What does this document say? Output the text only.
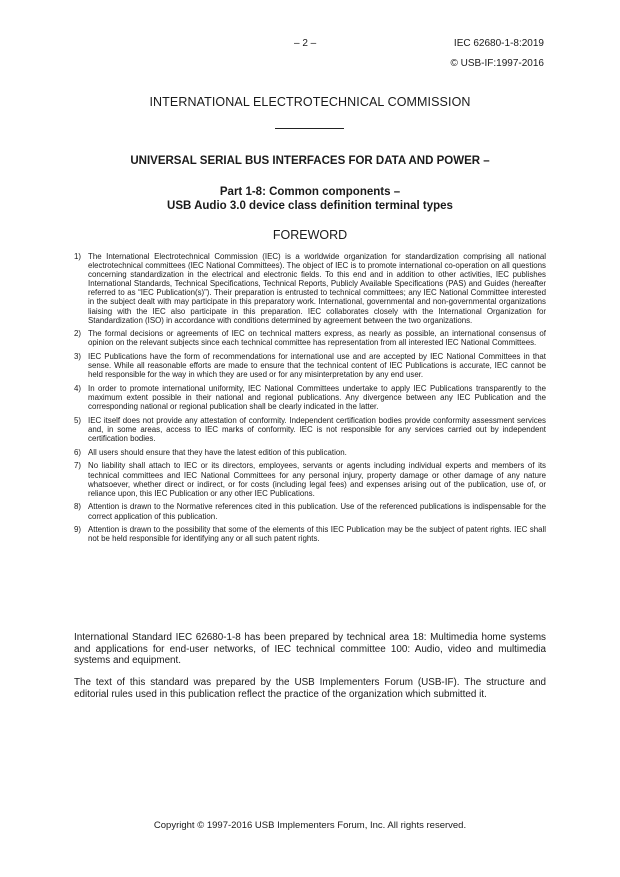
– 2 –	IEC 62680-1-8:2019
© USB-IF:1997-2016
INTERNATIONAL ELECTROTECHNICAL COMMISSION
UNIVERSAL SERIAL BUS INTERFACES FOR DATA AND POWER –
Part 1-8: Common components –
USB Audio 3.0 device class definition terminal types
FOREWORD
1) The International Electrotechnical Commission (IEC) is a worldwide organization for standardization comprising all national electrotechnical committees (IEC National Committees). The object of IEC is to promote international co-operation on all questions concerning standardization in the electrical and electronic fields. To this end and in addition to other activities, IEC publishes International Standards, Technical Specifications, Technical Reports, Publicly Available Specifications (PAS) and Guides (hereafter referred to as “IEC Publication(s)”). Their preparation is entrusted to technical committees; any IEC National Committee interested in the subject dealt with may participate in this preparatory work. International, governmental and non-governmental organizations liaising with the IEC also participate in this preparation. IEC collaborates closely with the International Organization for Standardization (ISO) in accordance with conditions determined by agreement between the two organizations.
2) The formal decisions or agreements of IEC on technical matters express, as nearly as possible, an international consensus of opinion on the relevant subjects since each technical committee has representation from all interested IEC National Committees.
3) IEC Publications have the form of recommendations for international use and are accepted by IEC National Committees in that sense. While all reasonable efforts are made to ensure that the technical content of IEC Publications is accurate, IEC cannot be held responsible for the way in which they are used or for any misinterpretation by any end user.
4) In order to promote international uniformity, IEC National Committees undertake to apply IEC Publications transparently to the maximum extent possible in their national and regional publications. Any divergence between any IEC Publication and the corresponding national or regional publication shall be clearly indicated in the latter.
5) IEC itself does not provide any attestation of conformity. Independent certification bodies provide conformity assessment services and, in some areas, access to IEC marks of conformity. IEC is not responsible for any services carried out by independent certification bodies.
6) All users should ensure that they have the latest edition of this publication.
7) No liability shall attach to IEC or its directors, employees, servants or agents including individual experts and members of its technical committees and IEC National Committees for any personal injury, property damage or other damage of any nature whatsoever, whether direct or indirect, or for costs (including legal fees) and expenses arising out of the publication, use of, or reliance upon, this IEC Publication or any other IEC Publications.
8) Attention is drawn to the Normative references cited in this publication. Use of the referenced publications is indispensable for the correct application of this publication.
9) Attention is drawn to the possibility that some of the elements of this IEC Publication may be the subject of patent rights. IEC shall not be held responsible for identifying any or all such patent rights.

International Standard IEC 62680-1-8 has been prepared by technical area 18: Multimedia home systems and applications for end-user networks, of IEC technical committee 100: Audio, video and multimedia systems and equipment.

The text of this standard was prepared by the USB Implementers Forum (USB-IF). The structure and editorial rules used in this publication reflect the practice of the organization which submitted it.

Copyright © 1997-2016 USB Implementers Forum, Inc. All rights reserved.
